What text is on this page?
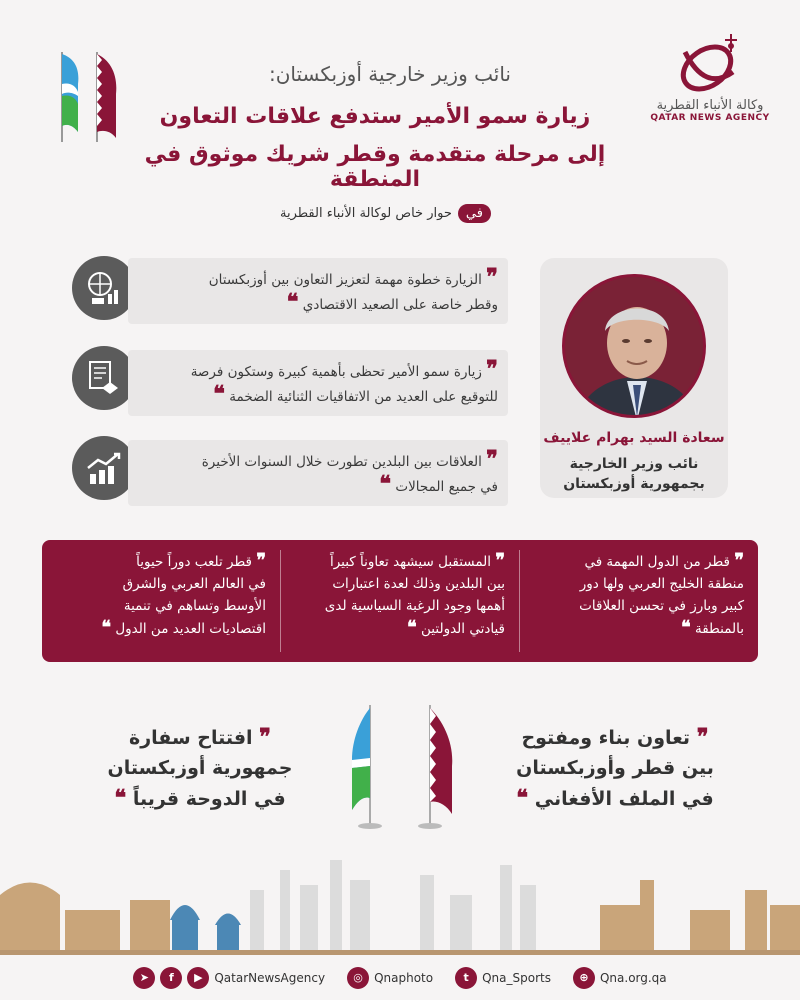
وكالة الأنباء القطرية
QATAR NEWS AGENCY
نائب وزير خارجية أوزبكستان:
زيارة سمو الأمير ستدفع علاقات التعاون
إلى مرحلة متقدمة وقطر شريك موثوق في المنطقة
في
حوار خاص لوكالة الأنباء القطرية
سعادة السيد بهرام علاييف
نائب وزير الخارجية
بجمهورية أوزبكستان
❞ الزيارة خطوة مهمة لتعزيز التعاون بين أوزبكستان
وقطر خاصة على الصعيد الاقتصادي ❝
❞ زيارة سمو الأمير تحظى بأهمية كبيرة وستكون فرصة
للتوقيع على العديد من الاتفاقيات الثنائية الضخمة ❝
❞ العلاقات بين البلدين تطورت خلال السنوات الأخيرة
في جميع المجالات ❝
❞ قطر من الدول المهمة في
منطقة الخليج العربي ولها دور
كبير وبارز في تحسن العلاقات
بالمنطقة ❝
❞ المستقبل سيشهد تعاوناً كبيراً
بين البلدين وذلك لعدة اعتبارات
أهمها وجود الرغبة السياسية لدى
قيادتي الدولتين ❝
❞ قطر تلعب دوراً حيوياً
في العالم العربي والشرق
الأوسط وتساهم في تنمية
اقتصاديات العديد من الدول ❝
❞ تعاون بناء ومفتوح
بين قطر وأوزبكستان
في الملف الأفغاني ❝
❞ افتتاح سفارة
جمهورية أوزبكستان
في الدوحة قريباً ❝
➤	f	▶ QatarNewsAgency	◎ Qnaphoto	t	Qna_Sports	⊕ Qna.org.qa
